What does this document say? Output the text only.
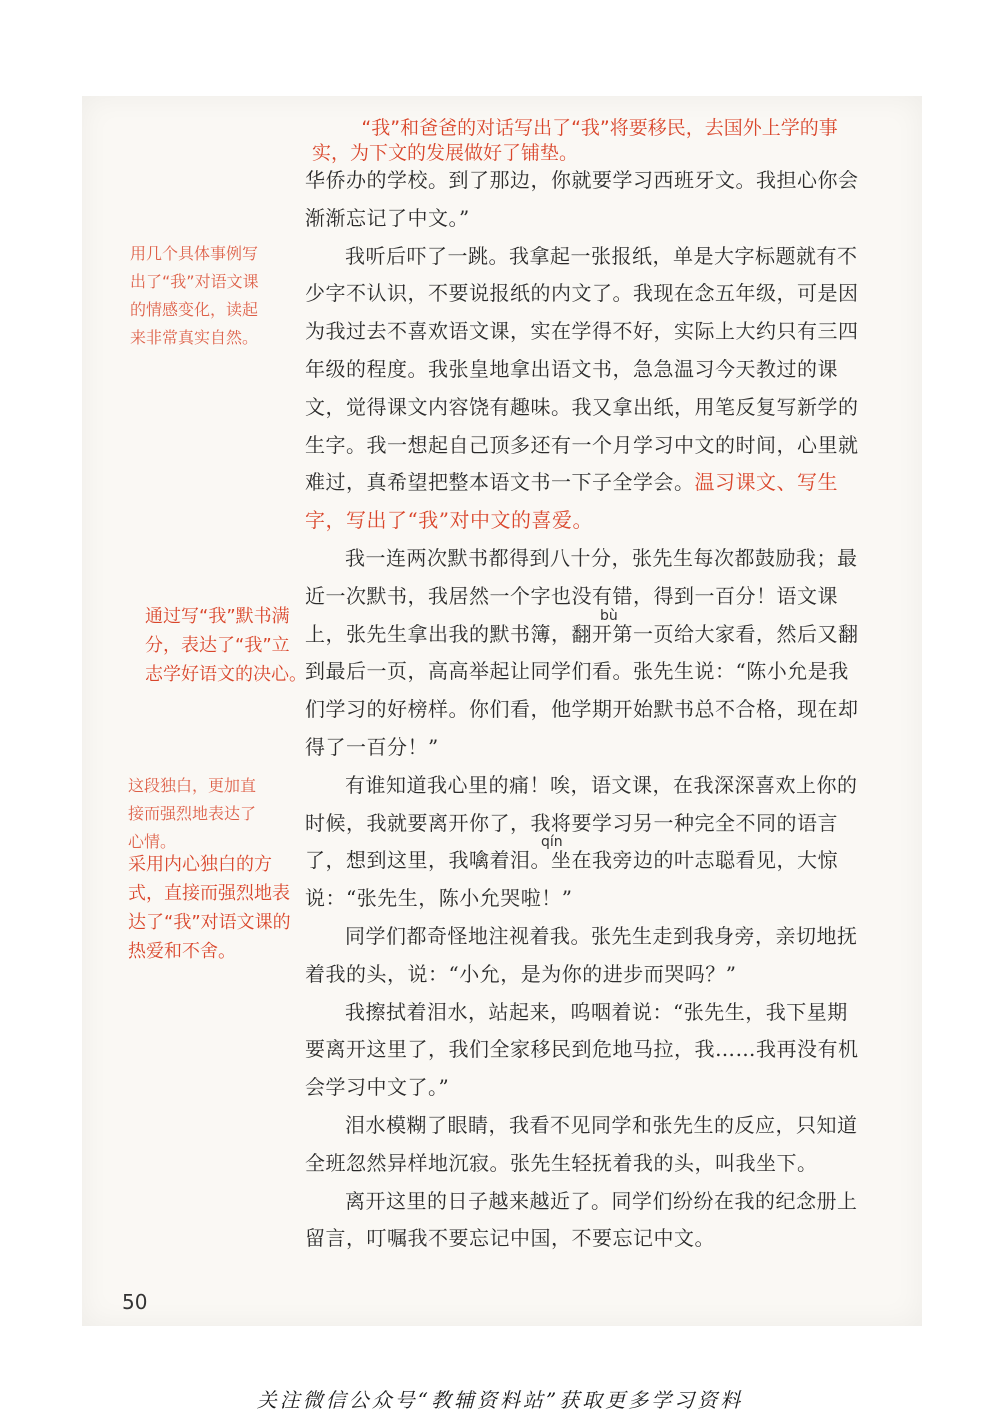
“我”和爸爸的对话写出了“我”将要移民，去国外上学的事实，为下文的发展做好了铺垫。

华侨办的学校。到了那边，你就要学习西班牙文。我担心你会渐渐忘记了中文。”

我听后吓了一跳。我拿起一张报纸，单是大字标题就有不少字不认识，不要说报纸的内文了。我现在念五年级，可是因为我过去不喜欢语文课，实在学得不好，实际上大约只有三四年级的程度。我张皇地拿出语文书，急急温习今天教过的课文，觉得课文内容饶有趣味。我又拿出纸，用笔反复写新学的生字。我一想起自己顶多还有一个月学习中文的时间，心里就难过，真希望把整本语文书一下子全学会。温习课文、写生字，写出了“我”对中文的喜爱。

我一连两次默书都得到八十分，张先生每次都鼓励我；最近一次默书，我居然一个字也没有错，得到一百分！语文课上，张先生拿出我的默书簿，翻开第一页给大家看，然后又翻到最后一页，高高举起让同学们看。张先生说：“陈小允是我们学习的好榜样。你们看，他学期开始默书总不合格，现在却得了一百分！”

有谁知道我心里的痛！唉，语文课，在我深深喜欢上你的时候，我就要离开你了，我将要学习另一种完全不同的语言了，想到这里，我噙着泪。坐在我旁边的叶志聪看见，大惊说：“张先生，陈小允哭啦！”

同学们都奇怪地注视着我。张先生走到我身旁，亲切地抚着我的头，说：“小允，是为你的进步而哭吗？”

我擦拭着泪水，站起来，呜咽着说：“张先生，我下星期要离开这里了，我们全家移民到危地马拉，我……我再没有机会学习中文了。”

泪水模糊了眼睛，我看不见同学和张先生的反应，只知道全班忽然异样地沉寂。张先生轻抚着我的头，叫我坐下。

离开这里的日子越来越近了。同学们纷纷在我的纪念册上留言，叮嘱我不要忘记中国，不要忘记中文。

bù
qín
用几个具体事例写出了“我”对语文课的情感变化，读起来非常真实自然。
通过写“我”默书满分，表达了“我”立志学好语文的决心。
这段独白，更加直接而强烈地表达了心情。
采用内心独白的方式，直接而强烈地表达了“我”对语文课的热爱和不舍。
50
关注微信公众号“教辅资料站”获取更多学习资料
